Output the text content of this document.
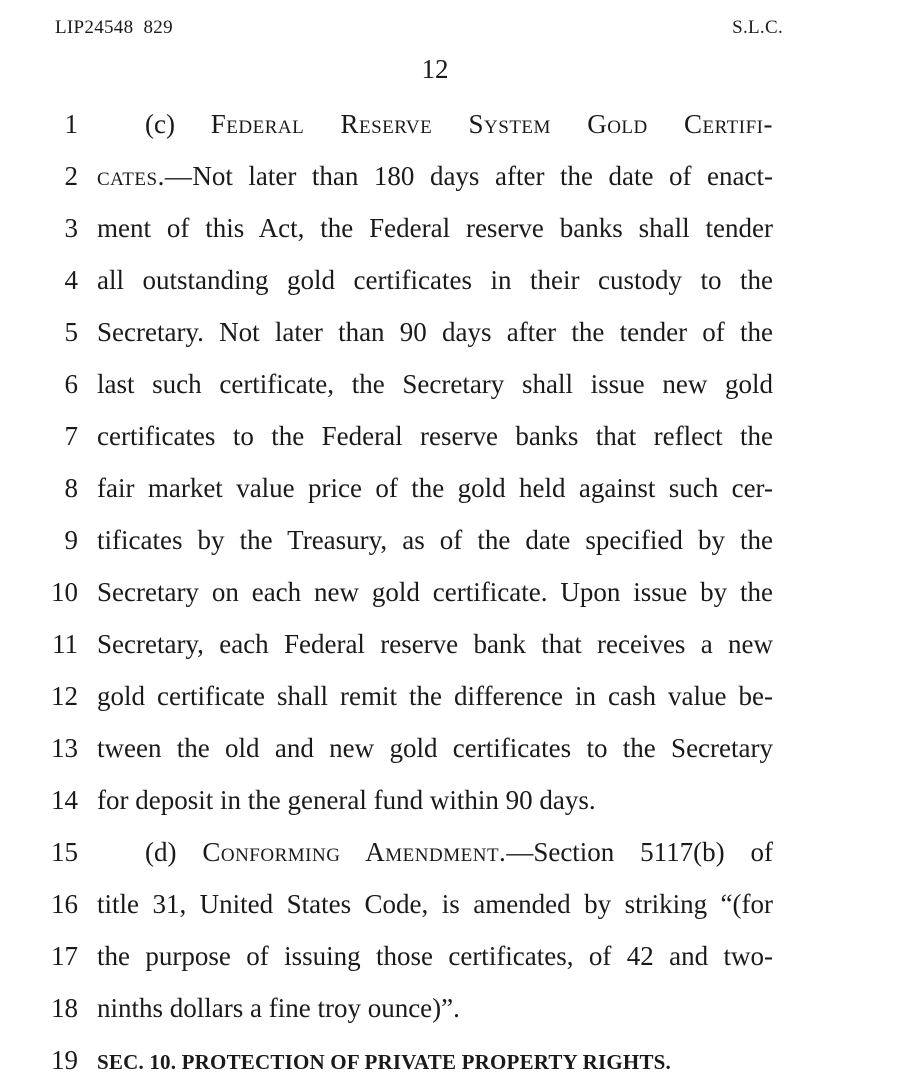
LIP24548  829	S.L.C.
12
1	(c) Federal Reserve System Gold Certifi-
2 cates.—Not later than 180 days after the date of enact-
3 ment of this Act, the Federal reserve banks shall tender
4 all outstanding gold certificates in their custody to the
5 Secretary. Not later than 90 days after the tender of the
6 last such certificate, the Secretary shall issue new gold
7 certificates to the Federal reserve banks that reflect the
8 fair market value price of the gold held against such cer-
9 tificates by the Treasury, as of the date specified by the
10 Secretary on each new gold certificate. Upon issue by the
11 Secretary, each Federal reserve bank that receives a new
12 gold certificate shall remit the difference in cash value be-
13 tween the old and new gold certificates to the Secretary
14 for deposit in the general fund within 90 days.
15	(d) Conforming Amendment.—Section 5117(b) of
16 title 31, United States Code, is amended by striking “(for
17 the purpose of issuing those certificates, of 42 and two-
18 ninths dollars a fine troy ounce)”.
19 SEC. 10. PROTECTION OF PRIVATE PROPERTY RIGHTS.
